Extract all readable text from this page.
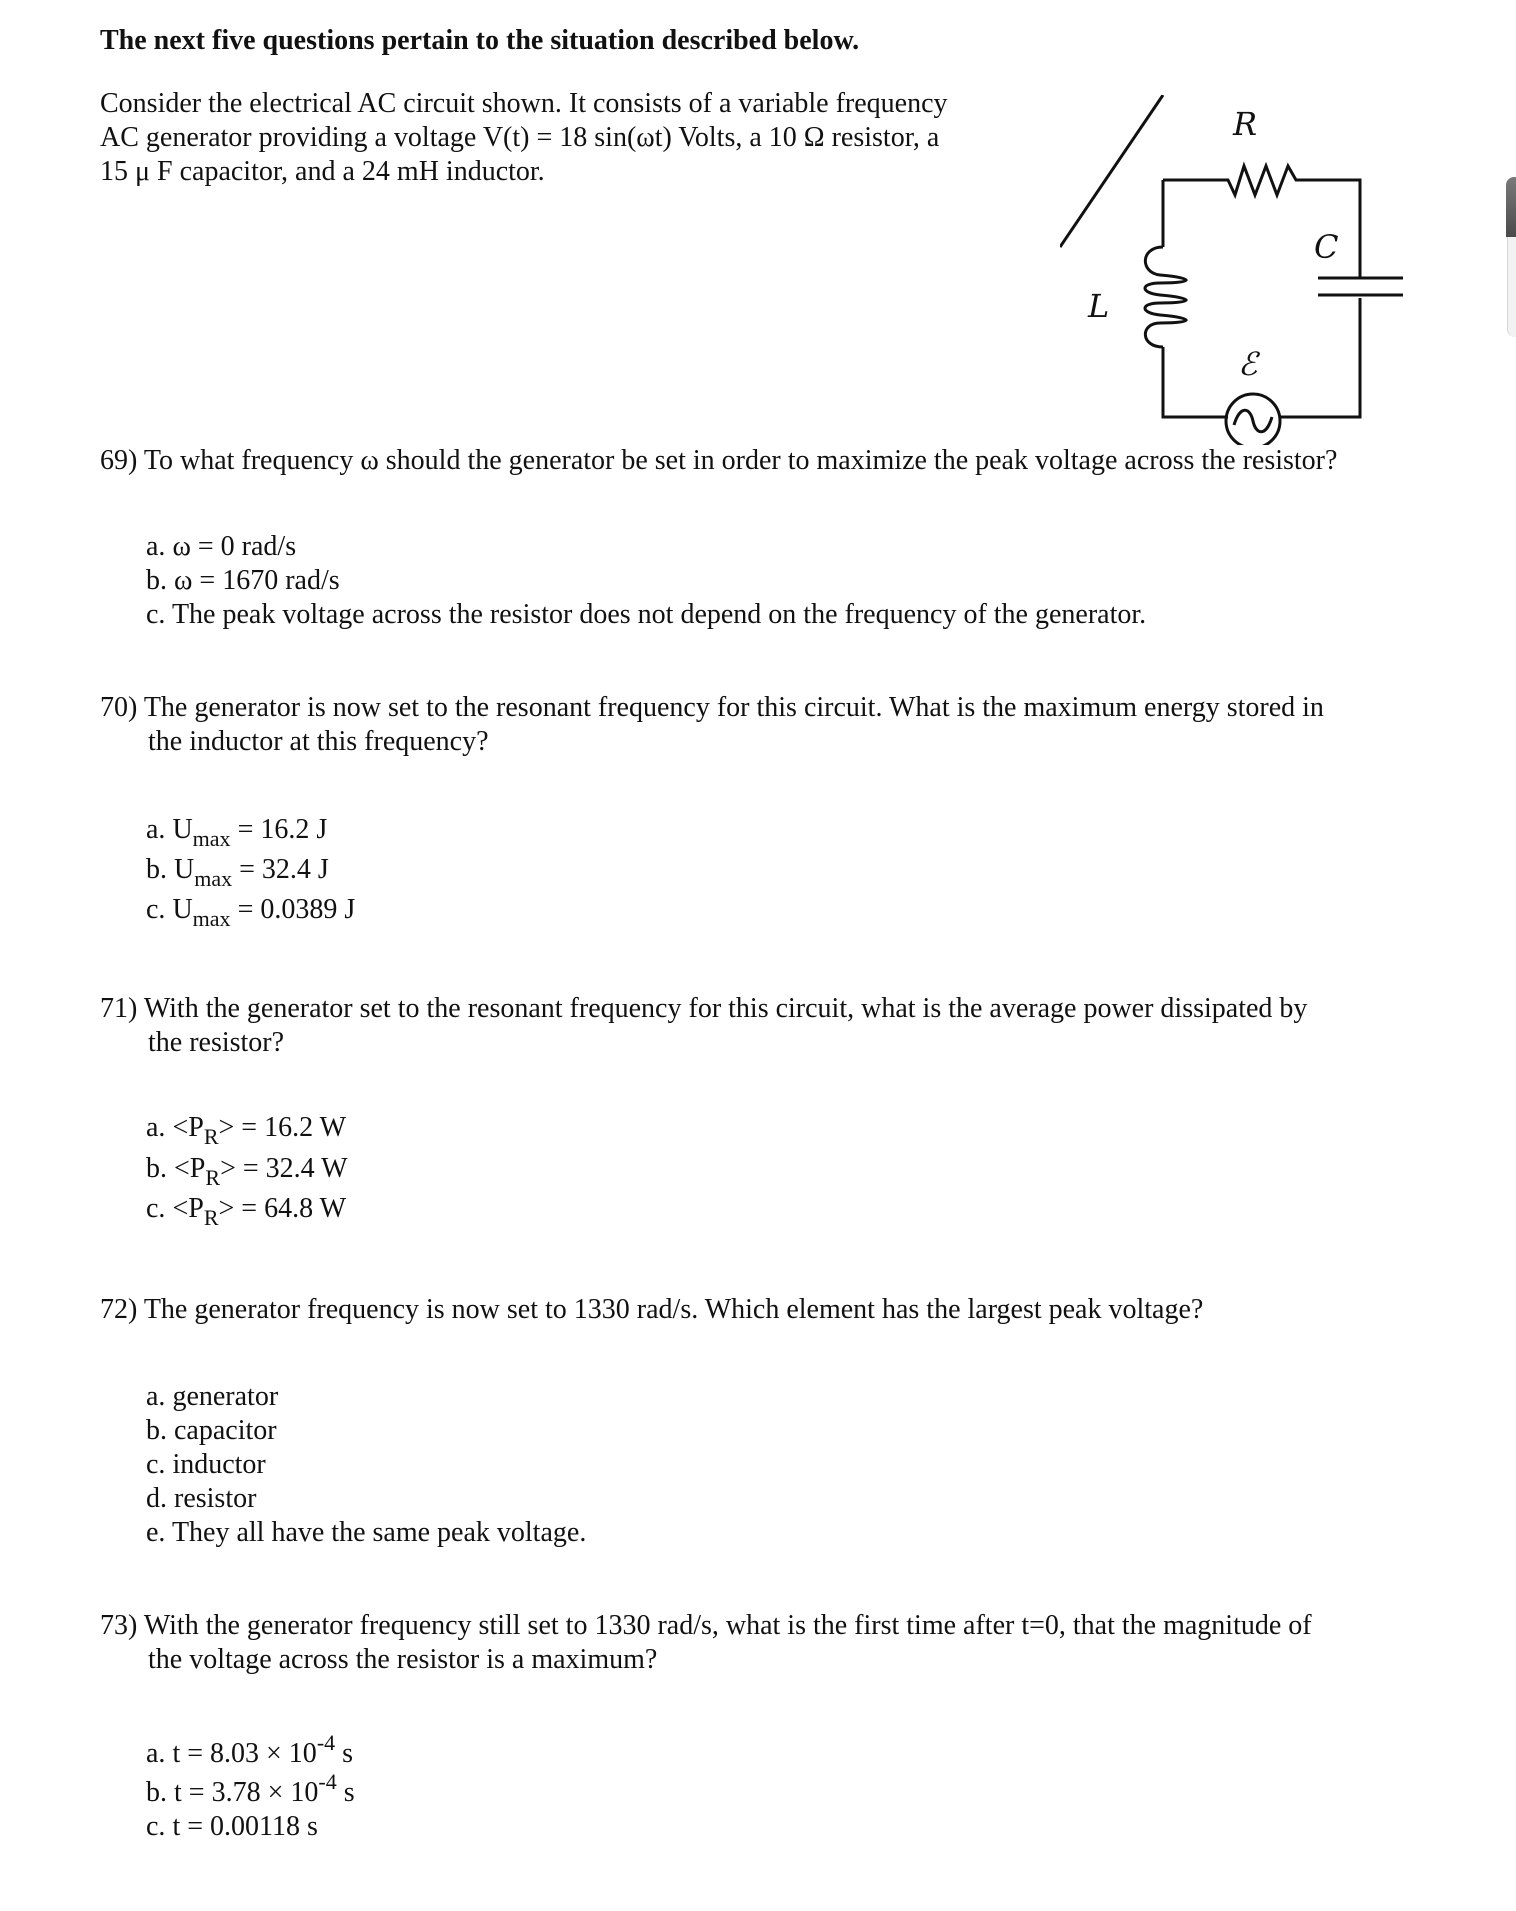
The next five questions pertain to the situation described below.
Consider the electrical AC circuit shown. It consists of a variable frequency
AC generator providing a voltage V(t) = 18 sin(ωt) Volts, a 10 Ω resistor, a
15 μ F capacitor, and a 24 mH inductor.
R
C
L
ℰ
69) To what frequency ω should the generator be set in order to maximize the peak voltage across the resistor?
a. ω = 0 rad/s
b. ω = 1670 rad/s
c. The peak voltage across the resistor does not depend on the frequency of the generator.
70) The generator is now set to the resonant frequency for this circuit. What is the maximum energy stored in
the inductor at this frequency?
a. $U_{max} = 16.2$ J
b. $U_{max} = 32.4$ J
c. $U_{max} = 0.0389$ J
71) With the generator set to the resonant frequency for this circuit, what is the average power dissipated by
the resistor?
a. $<P_R> = 16.2$ W
b. $<P_R> = 32.4$ W
c. $<P_R> = 64.8$ W
72) The generator frequency is now set to 1330 rad/s. Which element has the largest peak voltage?
a. generator
b. capacitor
c. inductor
d. resistor
e. They all have the same peak voltage.
73) With the generator frequency still set to 1330 rad/s, what is the first time after t=0, that the magnitude of
the voltage across the resistor is a maximum?
a. $t = 8.03 \times 10^{-4}$ s
b. $t = 3.78 \times 10^{-4}$ s
c. t = 0.00118 s
